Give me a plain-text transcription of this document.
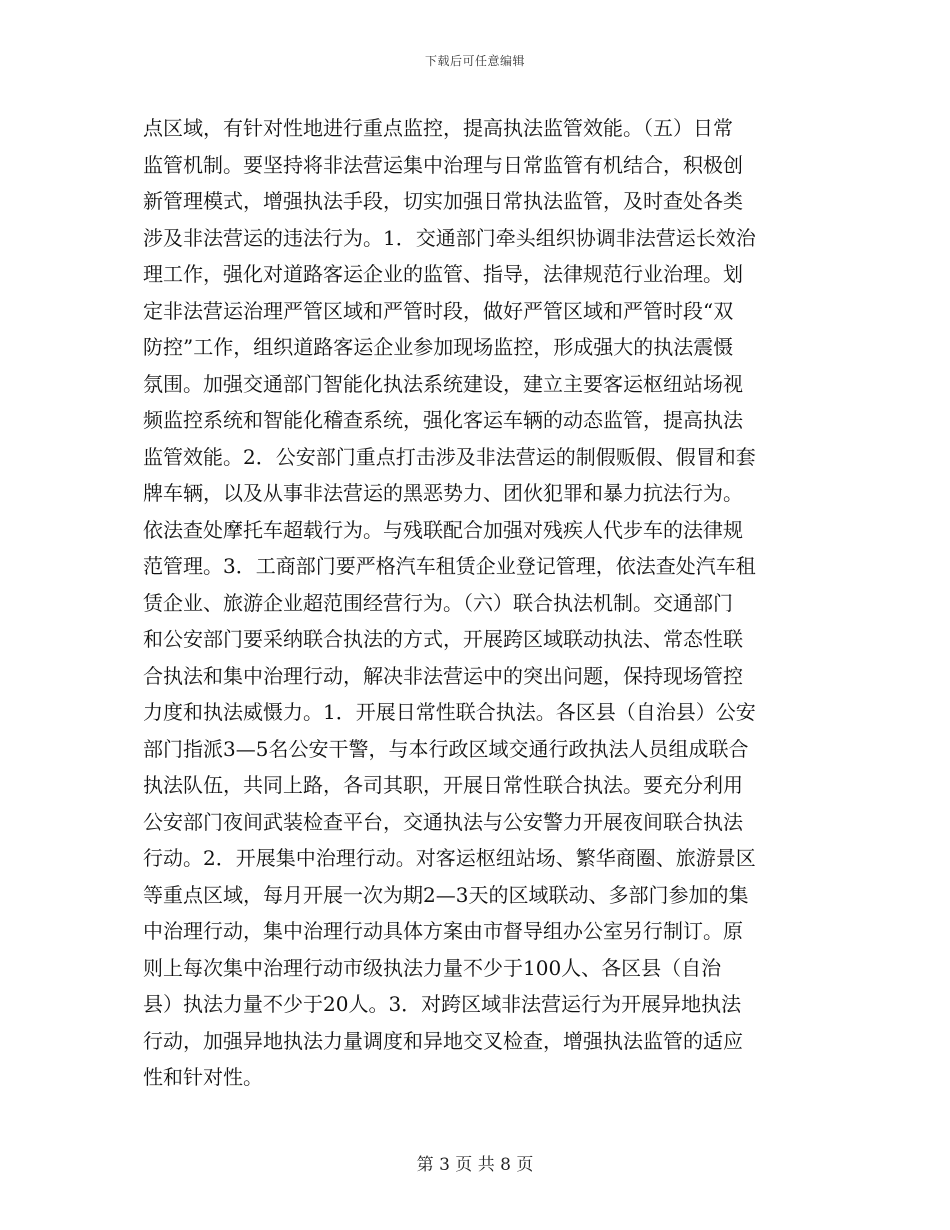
下载后可任意编辑
点区域，有针对性地进行重点监控，提高执法监管效能。（五）日常
监管机制。要坚持将非法营运集中治理与日常监管有机结合，积极创
新管理模式，增强执法手段，切实加强日常执法监管，及时查处各类
涉及非法营运的违法行为。1．交通部门牵头组织协调非法营运长效治
理工作，强化对道路客运企业的监管、指导，法律规范行业治理。划
定非法营运治理严管区域和严管时段，做好严管区域和严管时段“双
防控”工作，组织道路客运企业参加现场监控，形成强大的执法震慑
氛围。加强交通部门智能化执法系统建设，建立主要客运枢纽站场视
频监控系统和智能化稽查系统，强化客运车辆的动态监管，提高执法
监管效能。2．公安部门重点打击涉及非法营运的制假贩假、假冒和套
牌车辆，以及从事非法营运的黑恶势力、团伙犯罪和暴力抗法行为。
依法查处摩托车超载行为。与残联配合加强对残疾人代步车的法律规
范管理。3．工商部门要严格汽车租赁企业登记管理，依法查处汽车租
赁企业、旅游企业超范围经营行为。（六）联合执法机制。交通部门
和公安部门要采纳联合执法的方式，开展跨区域联动执法、常态性联
合执法和集中治理行动，解决非法营运中的突出问题，保持现场管控
力度和执法威慑力。1．开展日常性联合执法。各区县（自治县）公安
部门指派3—5名公安干警，与本行政区域交通行政执法人员组成联合
执法队伍，共同上路，各司其职，开展日常性联合执法。要充分利用
公安部门夜间武装检查平台，交通执法与公安警力开展夜间联合执法
行动。2．开展集中治理行动。对客运枢纽站场、繁华商圈、旅游景区
等重点区域，每月开展一次为期2—3天的区域联动、多部门参加的集
中治理行动，集中治理行动具体方案由市督导组办公室另行制订。原
则上每次集中治理行动市级执法力量不少于100人、各区县（自治
县）执法力量不少于20人。3．对跨区域非法营运行为开展异地执法
行动，加强异地执法力量调度和异地交叉检查，增强执法监管的适应
性和针对性。
第 3 页 共 8 页
